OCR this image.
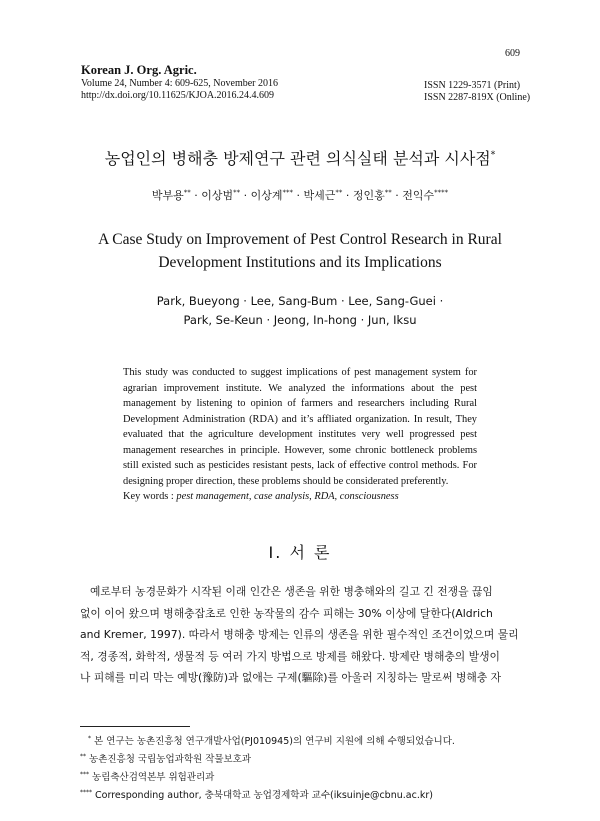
Korean J. Org. Agric.
Volume 24, Number 4: 609-625, November 2016
http://dx.doi.org/10.11625/KJOA.2016.24.4.609
609
ISSN 1229-3571 (Print)
ISSN 2287-819X (Online)
농업인의 병해충 방제연구 관련 의식실태 분석과 시사점*
박부용** · 이상범** · 이상계*** · 박세근** · 정인홍** · 전익수****
A Case Study on Improvement of Pest Control Research in Rural
Development Institutions and its Implications
Park, Bueyong · Lee, Sang-Bum · Lee, Sang-Guei ·
Park, Se-Keun · Jeong, In-hong · Jun, Iksu
This study was conducted to suggest implications of pest management system for agrarian improvement institute. We analyzed the informations about the pest management by listening to opinion of farmers and researchers including Rural Development Administration (RDA) and it’s affliated organization. In result, They evaluated that the agriculture development institutes very well progressed pest management researches in principle. However, some chronic bottleneck problems still existed such as pesticides resistant pests, lack of effective control methods. For designing proper direction, these problems should be considerated preferently.
Key words : pest management, case analysis, RDA, consciousness
Ⅰ. 서 론
예로부터 농경문화가 시작된 이래 인간은 생존을 위한 병충해와의 길고 긴 전쟁을 끊임
없이 이어 왔으며 병해충잡초로 인한 농작물의 감수 피해는 30% 이상에 달한다(Aldrich
and Kremer, 1997). 따라서 병해충 방제는 인류의 생존을 위한 필수적인 조건이었으며 물리
적, 경종적, 화학적, 생물적 등 여러 가지 방법으로 방제를 해왔다. 방제란 병해충의 발생이
나 피해를 미리 막는 예방(豫防)과 없애는 구제(驅除)를 아울러 지칭하는 말로써 병해충 자
* 본 연구는 농촌진흥청 연구개발사업(PJ010945)의 연구비 지원에 의해 수행되었습니다.
** 농촌진흥청 국립농업과학원 작물보호과
*** 농림축산검역본부 위험관리과
**** Corresponding author, 충북대학교 농업경제학과 교수(iksuinje@cbnu.ac.kr)
